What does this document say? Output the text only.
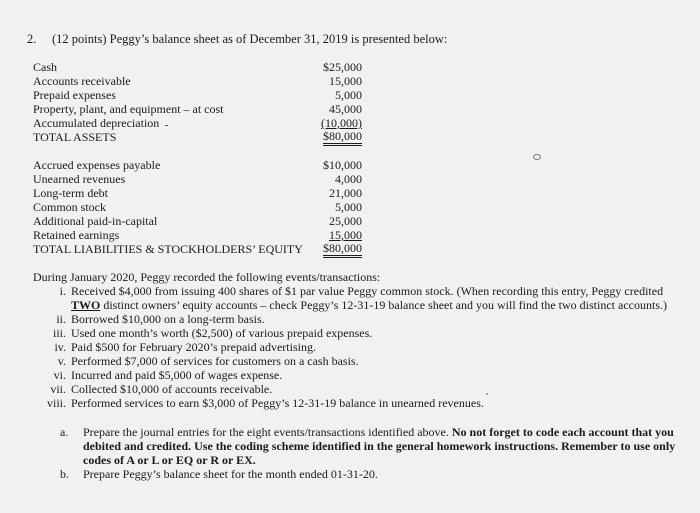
2. (12 points) Peggy’s balance sheet as of December 31, 2019 is presented below:
Cash	$25,000
Accounts receivable	15,000
Prepaid expenses	5,000
Property, plant, and equipment – at cost	45,000
Accumulated depreciation	(10,000)
TOTAL ASSETS	$80,000
Accrued expenses payable	$10,000
Unearned revenues	4,000
Long-term debt	21,000
Common stock	5,000
Additional paid-in-capital	25,000
Retained earnings	15,000
TOTAL LIABILITIES & STOCKHOLDERS’ EQUITY $80,000
During January 2020, Peggy recorded the following events/transactions:
i. Received $4,000 from issuing 400 shares of $1 par value Peggy common stock. (When recording this entry, Peggy credited
TWO distinct owners’ equity accounts – check Peggy’s 12-31-19 balance sheet and you will find the two distinct accounts.)
ii. Borrowed $10,000 on a long-term basis.
iii. Used one month’s worth ($2,500) of various prepaid expenses.
iv. Paid $500 for February 2020’s prepaid advertising.
v. Performed $7,000 of services for customers on a cash basis.
vi. Incurred and paid $5,000 of wages expense.
vii. Collected $10,000 of accounts receivable.
viii. Performed services to earn $3,000 of Peggy’s 12-31-19 balance in unearned revenues.
a. Prepare the journal entries for the eight events/transactions identified above. No not forget to code each account that you
debited and credited. Use the coding scheme identified in the general homework instructions. Remember to use only
codes of A or L or EQ or R or EX.
b. Prepare Peggy’s balance sheet for the month ended 01-31-20.
